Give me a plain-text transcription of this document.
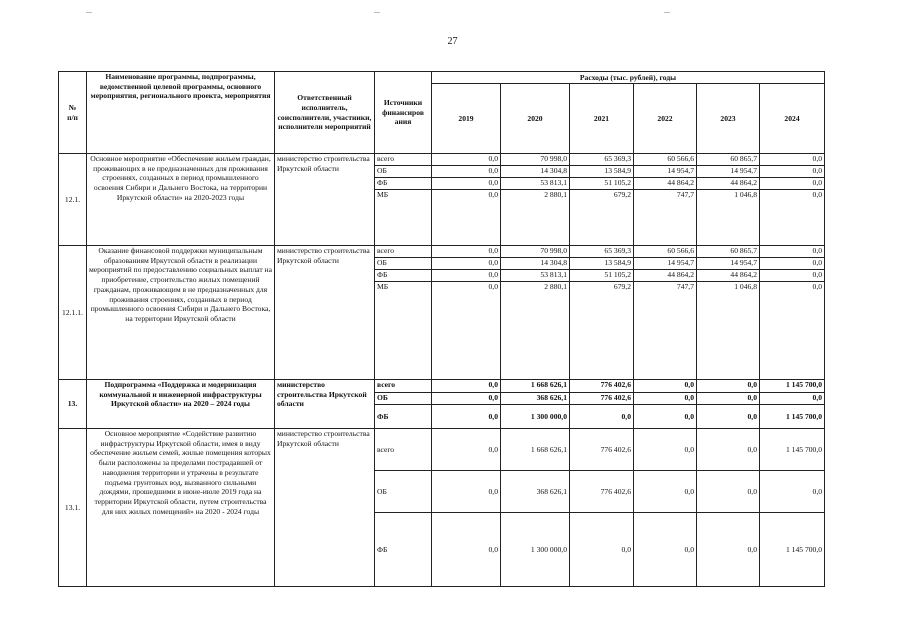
27
№
п/п	Наименование программы, подпрограммы, ведомственной целевой программы, основного мероприятия, регионального проекта, мероприятия	Ответственный исполнитель, соисполнители, участники, исполнители мероприятий	Источники финансиров ания	Расходы (тыс. рублей), годы					
				2019	2020	2021	2022	2023	2024
12.1.	Основное мероприятие «Обеспечение жильем граждан, проживающих в не предназначенных для проживания строениях, созданных в период промышленного освоения Сибири и Дальнего Востока, на территории Иркутской области» на 2020-2023 годы	министерство строительства Иркутской области	всего	0,0	70 998,0	65 369,3	60 566,6	60 865,7	0,0
			ОБ	0,0	14 304,8	13 584,9	14 954,7	14 954,7	0,0
			ФБ	0,0	53 813,1	51 105,2	44 864,2	44 864,2	0,0
			МБ	0,0	2 880,1	679,2	747,7	1 046,8	0,0
12.1.1.	Оказание финансовой поддержки муниципальным образованиям Иркутской области в реализации мероприятий по предоставлению социальных выплат на приобретение, строительство жилых помещений гражданам, проживающим в не предназначенных для проживания строениях, созданных в период промышленного освоения Сибири и Дальнего Востока, на территории Иркутской области	министерство строительства Иркутской области	всего	0,0	70 998,0	65 369,3	60 566,6	60 865,7	0,0
			ОБ	0,0	14 304,8	13 584,9	14 954,7	14 954,7	0,0
			ФБ	0,0	53 813,1	51 105,2	44 864,2	44 864,2	0,0
			МБ	0,0	2 880,1	679,2	747,7	1 046,8	0,0
13.	Подпрограмма «Поддержка и модернизация коммунальной и инженерной инфраструктуры Иркутской области» на 2020 – 2024 годы	министерство строительства Иркутской области	всего	0,0	1 668 626,1	776 402,6	0,0	0,0	1 145 700,0
			ОБ	0,0	368 626,1	776 402,6	0,0	0,0	0,0
			ФБ	0,0	1 300 000,0	0,0	0,0	0,0	1 145 700,0
13.1.	Основное мероприятие «Содействие развитию инфраструктуры Иркутской области, имея в виду обеспечение жильем семей, жилые помещения которых были расположены за пределами пострадавшей от наводнения территории и утрачены в результате подъема грунтовых вод, вызванного сильными дождями, прошедшими в июне-июле 2019 года на территории Иркутской области, путем строительства для них жилых помещений» на 2020 - 2024 годы	министерство строительства Иркутской области	всего	0,0	1 668 626,1	776 402,6	0,0	0,0	1 145 700,0
			ОБ	0,0	368 626,1	776 402,6	0,0	0,0	0,0
			ФБ	0,0	1 300 000,0	0,0	0,0	0,0	1 145 700,0
